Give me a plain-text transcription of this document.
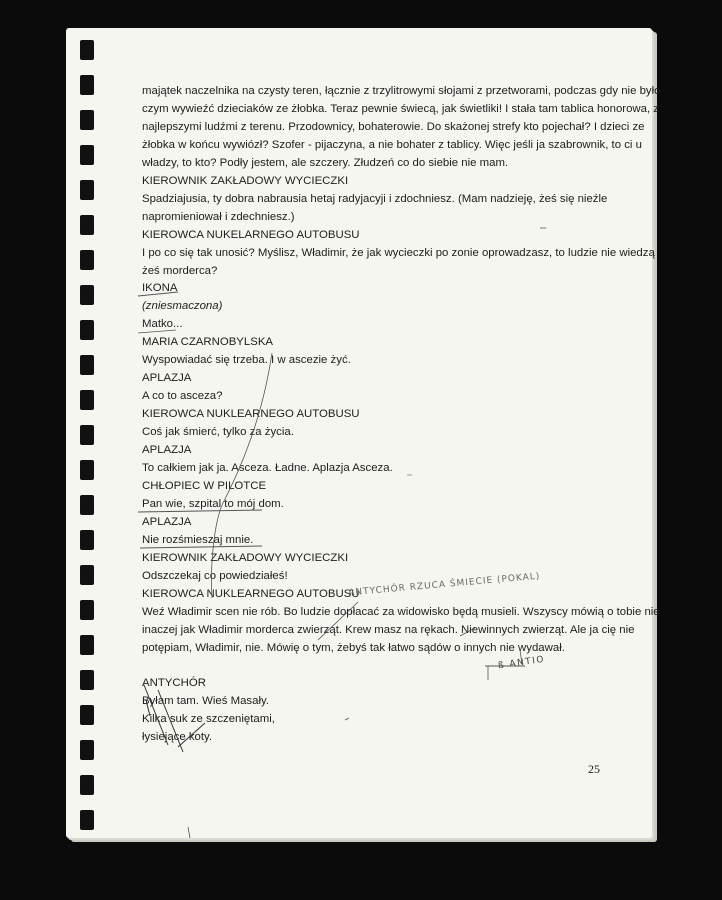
majątek naczelnika na czysty teren, łącznie z trzylitrowymi słojami z przetworami, podczas gdy nie było

czym wywieźć dzieciaków ze żłobka. Teraz pewnie świecą, jak świetliki! I stała tam tablica honorowa, z

najlepszymi ludźmi z terenu. Przodownicy, bohaterowie. Do skażonej strefy kto pojechał? I dzieci ze

żłobka w końcu wywiózł? Szofer - pijaczyna, a nie bohater z tablicy. Więc jeśli ja szabrownik, to ci u

władzy, to kto? Podły jestem, ale szczery. Złudzeń co do siebie nie mam.

KIEROWNIK ZAKŁADOWY WYCIECZKI

Spadziajusia, ty dobra nabrausia hetaj radyjacyji i zdochniesz. (Mam nadzieję, żeś się nieźle

napromieniował i zdechniesz.)

KIEROWCA NUKELARNEGO AUTOBUSU

I po co się tak unosić? Myślisz, Władimir, że jak wycieczki po zonie oprowadzasz, to ludzie nie wiedzą

żeś morderca?

IKONA

(zniesmaczona)

Matko...

MARIA CZARNOBYLSKA

Wyspowiadać się trzeba. I w ascezie żyć.

APLAZJA

A co to asceza?

KIEROWCA NUKLEARNEGO AUTOBUSU

Coś jak śmierć, tylko za życia.

APLAZJA

To całkiem jak ja. Asceza. Ładne. Aplazja Asceza.

CHŁOPIEC W PILOTCE

Pan wie, szpital to mój dom.

APLAZJA

Nie rozśmieszaj mnie.

KIEROWNIK ZAKŁADOWY WYCIECZKI

Odszczekaj co powiedziałeś!

KIEROWCA NUKLEARNEGO AUTOBUSU

Weź Władimir scen nie rób. Bo ludzie dopłacać za widowisko będą musieli. Wszyscy mówią o tobie nie

inaczej jak Władimir morderca zwierząt. Krew masz na rękach. Niewinnych zwierząt. Ale ja cię nie

potępiam, Władimir, nie. Mówię o tym, żebyś tak łatwo sądów o innych nie wydawał.

ANTYCHÓR

Byłam tam. Wieś Masały.

Kilka suk ze szczeniętami,

łysiejące koty.

25
ANTYCHÓR RZUCA ŚMIECIE (POKAL)
ß ANTIO
